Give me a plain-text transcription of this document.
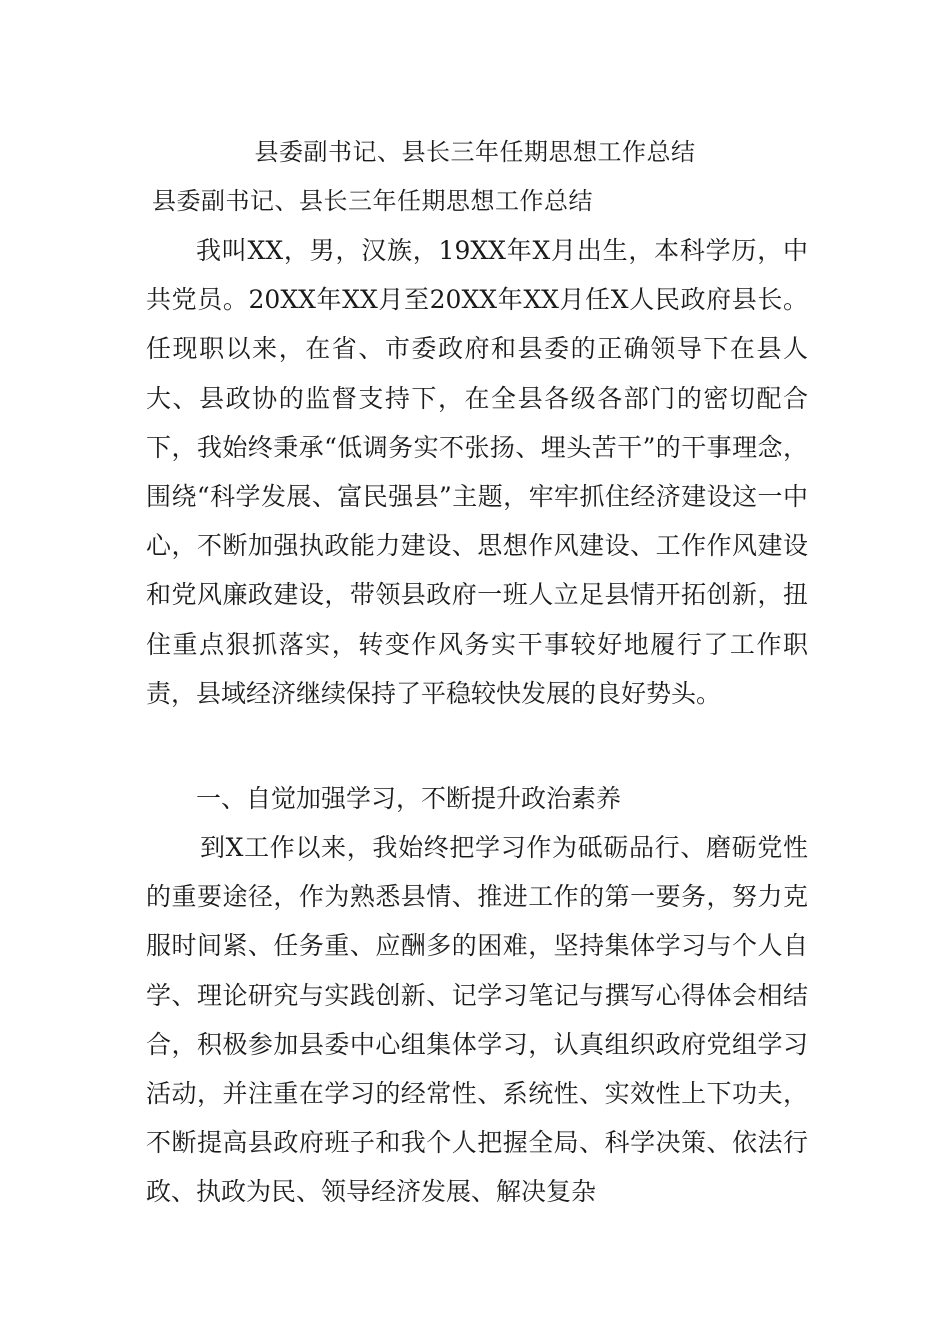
县委副书记、县长三年任期思想工作总结
县委副书记、县长三年任期思想工作总结

我叫XX，男，汉族，19XX年X月出生，本科学历，中共党员。20XX年XX月至20XX年XX月任X人民政府县长。任现职以来，在省、市委政府和县委的正确领导下在县人大、县政协的监督支持下，在全县各级各部门的密切配合下，我始终秉承“低调务实不张扬、埋头苦干”的干事理念，围绕“科学发展、富民强县”主题，牢牢抓住经济建设这一中心，不断加强执政能力建设、思想作风建设、工作作风建设和党风廉政建设，带领县政府一班人立足县情开拓创新，扭住重点狠抓落实，转变作风务实干事较好地履行了工作职责，县域经济继续保持了平稳较快发展的良好势头。

一、自觉加强学习，不断提升政治素养

到X工作以来，我始终把学习作为砥砺品行、磨砺党性的重要途径，作为熟悉县情、推进工作的第一要务，努力克服时间紧、任务重、应酬多的困难，坚持集体学习与个人自学、理论研究与实践创新、记学习笔记与撰写心得体会相结合，积极参加县委中心组集体学习，认真组织政府党组学习活动，并注重在学习的经常性、系统性、实效性上下功夫，不断提高县政府班子和我个人把握全局、科学决策、依法行政、执政为民、领导经济发展、解决复杂
